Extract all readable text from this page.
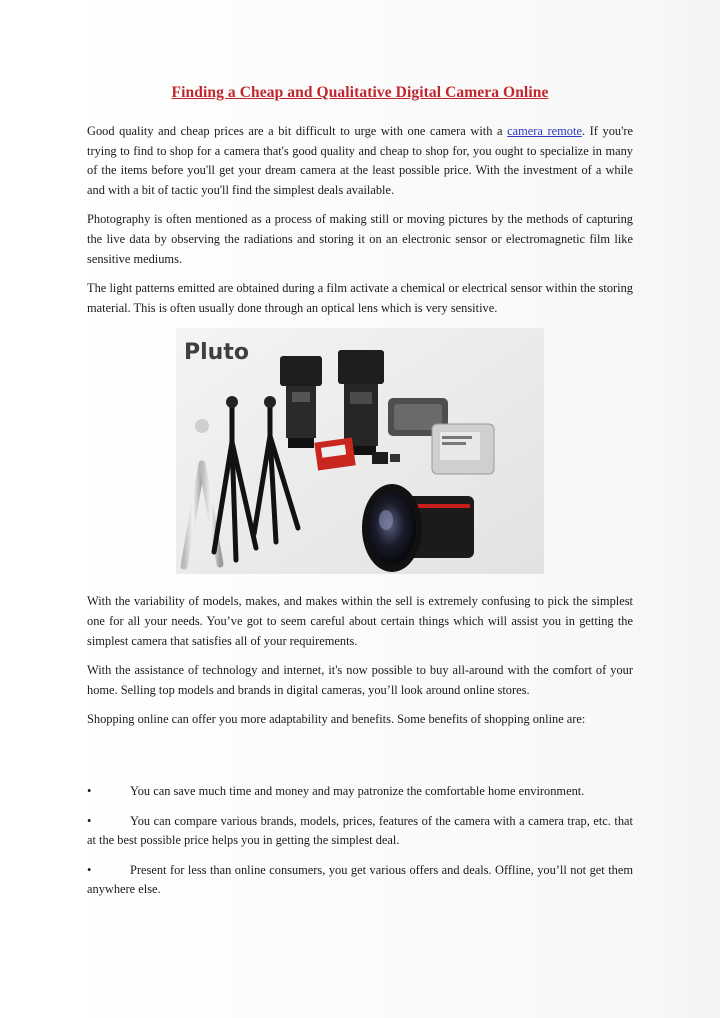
Finding a Cheap and Qualitative Digital Camera Online

Good quality and cheap prices are a bit difficult to urge with one camera with a camera remote. If you're trying to find to shop for a camera that's good quality and cheap to shop for, you ought to specialize in many of the items before you'll get your dream camera at the least possible price. With the investment of a while and with a bit of tactic you'll find the simplest deals available.

Photography is often mentioned as a process of making still or moving pictures by the methods of capturing the live data by observing the radiations and storing it on an electronic sensor or electromagnetic film like sensitive mediums.

The light patterns emitted are obtained during a film activate a chemical or electrical sensor within the storing material. This is often usually done through an optical lens which is very sensitive.

Pluto

With the variability of models, makes, and makes within the sell is extremely confusing to pick the simplest one for all your needs. You’ve got to seem careful about certain things which will assist you in getting the simplest camera that satisfies all of your requirements.

With the assistance of technology and internet, it's now possible to buy all-around with the comfort of your home. Selling top models and brands in digital cameras, you’ll look around online stores.

Shopping online can offer you more adaptability and benefits. Some benefits of shopping online are:

•	You can save much time and money and may patronize the comfortable home environment.
•	You can compare various brands, models, prices, features of the camera with a camera trap, etc. that at the best possible price helps you in getting the simplest deal.
•	Present for less than online consumers, you get various offers and deals. Offline, you’ll not get them anywhere else.
